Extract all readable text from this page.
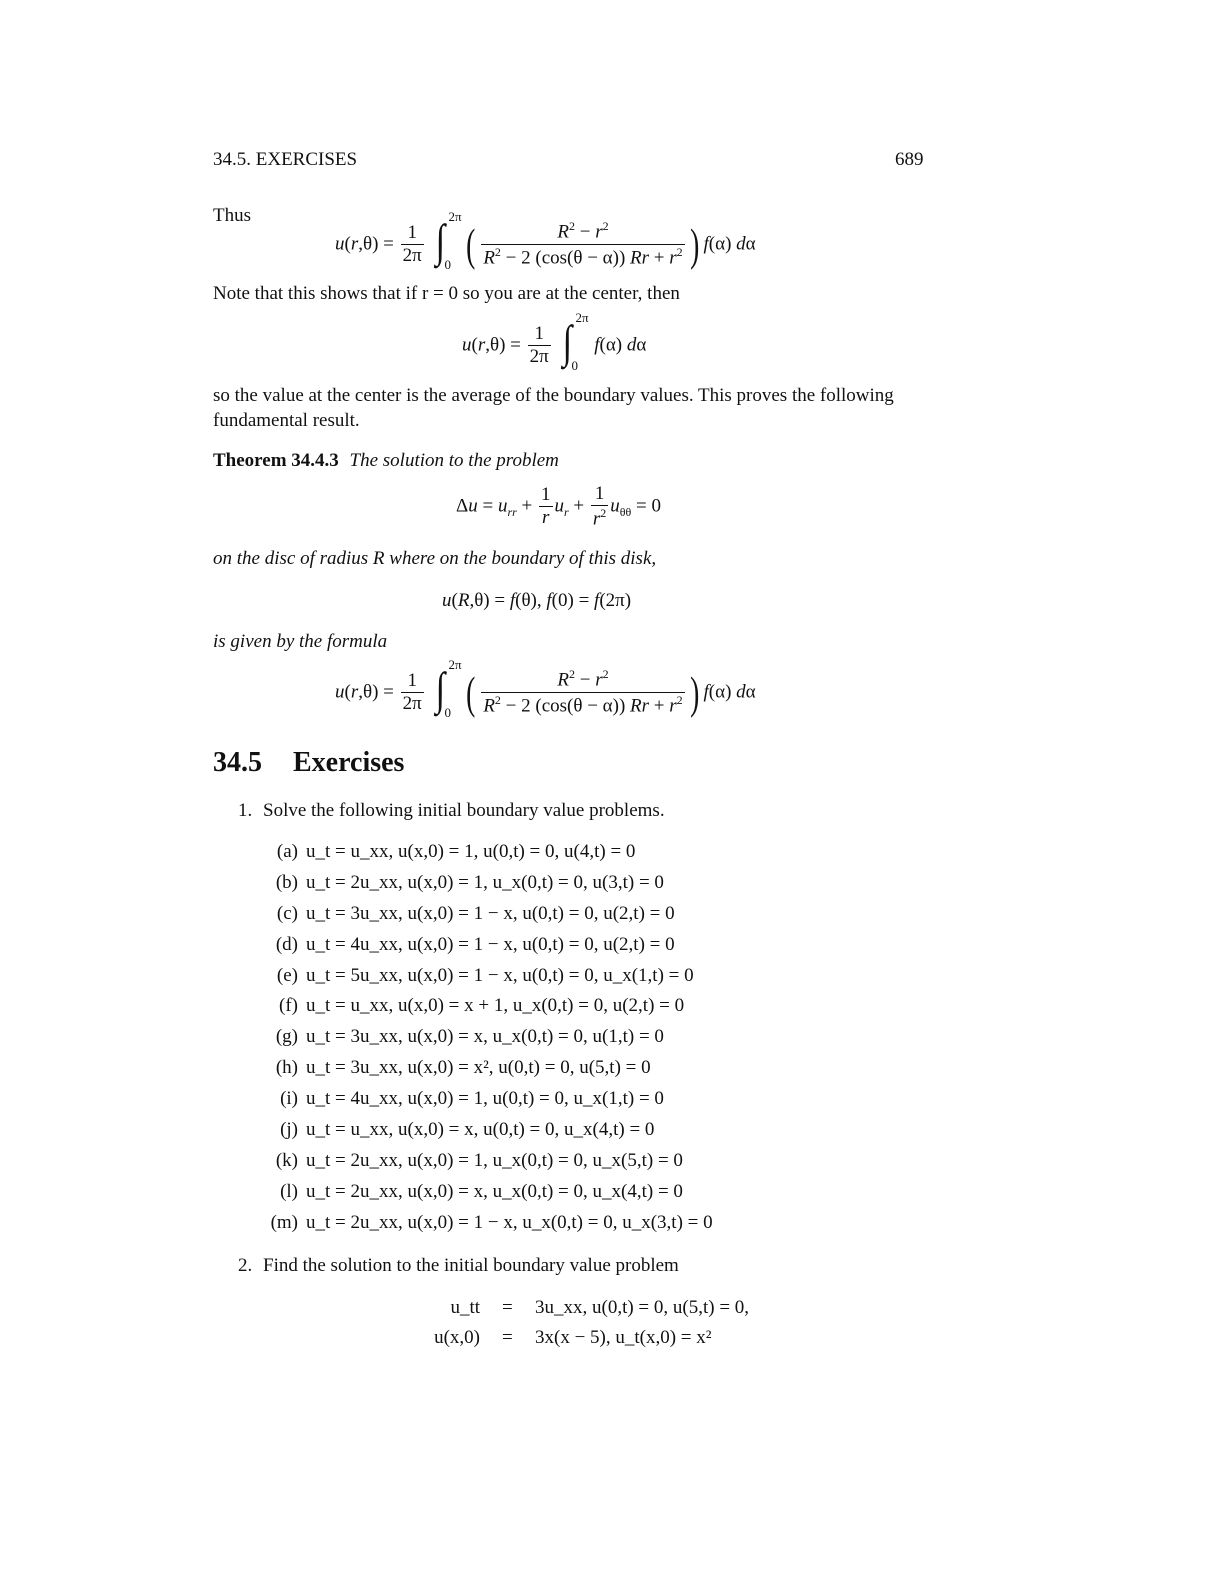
34.5. EXERCISES	689
Thus
$u(r,\theta) = \frac{1}{2\pi}$
∫ 2π
0 ( $\frac{R^2 - r^2}{R^2 - 2 (\cos(\theta - \alpha)) Rr + r^2}$ ) f(α) dα
Note that this shows that if r = 0 so you are at the center, then
$u(r,\theta) = \frac{1}{2\pi}$
∫ 2π
0
f(α) dα
so the value at the center is the average of the boundary values. This proves the following
fundamental result.
Theorem 34.4.3 The solution to the problem
$\Delta u = u_{rr} + \frac{1}{r} u_r + \frac{1}{r^2} u_{\theta\theta} = 0$
on the disc of radius R where on the boundary of this disk,
u(R,θ) = f(θ), f(0) = f(2π)
is given by the formula
$u(r,\theta) = \frac{1}{2\pi}$
∫ 2π
0 ( $\frac{R^2 - r^2}{R^2 - 2 (\cos(\theta - \alpha)) Rr + r^2}$ ) f(α) dα
34.5 Exercises
1. Solve the following initial boundary value problems.
(a) u_t = u_xx, u(x,0) = 1, u(0,t) = 0, u(4,t) = 0
(b) u_t = 2u_xx, u(x,0) = 1, u_x(0,t) = 0, u(3,t) = 0
(c) u_t = 3u_xx, u(x,0) = 1 − x, u(0,t) = 0, u(2,t) = 0
(d) u_t = 4u_xx, u(x,0) = 1 − x, u(0,t) = 0, u(2,t) = 0
(e) u_t = 5u_xx, u(x,0) = 1 − x, u(0,t) = 0, u_x(1,t) = 0
(f) u_t = u_xx, u(x,0) = x + 1, u_x(0,t) = 0, u(2,t) = 0
(g) u_t = 3u_xx, u(x,0) = x, u_x(0,t) = 0, u(1,t) = 0
(h) u_t = 3u_xx, u(x,0) = x², u(0,t) = 0, u(5,t) = 0
(i) u_t = 4u_xx, u(x,0) = 1, u(0,t) = 0, u_x(1,t) = 0
(j) u_t = u_xx, u(x,0) = x, u(0,t) = 0, u_x(4,t) = 0
(k) u_t = 2u_xx, u(x,0) = 1, u_x(0,t) = 0, u_x(5,t) = 0
(l) u_t = 2u_xx, u(x,0) = x, u_x(0,t) = 0, u_x(4,t) = 0
(m) u_t = 2u_xx, u(x,0) = 1 − x, u_x(0,t) = 0, u_x(3,t) = 0
2. Find the solution to the initial boundary value problem
u_tt = 3u_xx, u(0,t) = 0, u(5,t) = 0,
u(x,0) = 3x(x − 5), u_t(x,0) = x²
